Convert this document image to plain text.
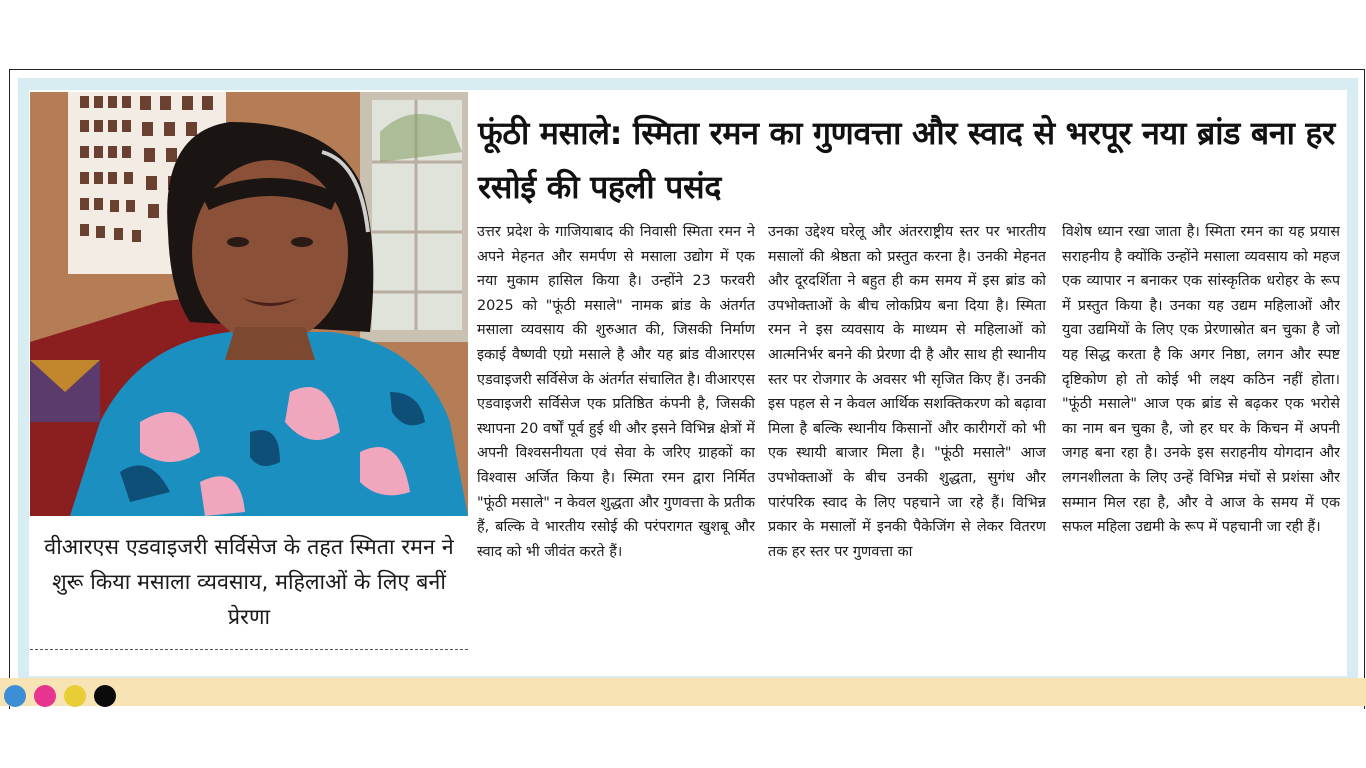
वीआरएस एडवाइजरी सर्विसेज के तहत स्मिता रमन ने शुरू किया मसाला व्यवसाय, महिलाओं के लिए बनीं प्रेरणा
फूंठी मसाले: स्मिता रमन का गुणवत्ता और स्वाद से भरपूर नया ब्रांड बना हर रसोई की पहली पसंद
उत्तर प्रदेश के गाजियाबाद की निवासी स्मिता रमन ने अपने मेहनत और समर्पण से मसाला उद्योग में एक नया मुकाम हासिल किया है। उन्होंने 23 फरवरी 2025 को "फूंठी मसाले" नामक ब्रांड के अंतर्गत मसाला व्यवसाय की शुरुआत की, जिसकी निर्माण इकाई वैष्णवी एग्रो मसाले है और यह ब्रांड वीआरएस एडवाइजरी सर्विसेज के अंतर्गत संचालित है। वीआरएस एडवाइजरी सर्विसेज एक प्रतिष्ठित कंपनी है, जिसकी स्थापना 20 वर्षों पूर्व हुई थी और इसने विभिन्न क्षेत्रों में अपनी विश्वसनीयता एवं सेवा के जरिए ग्राहकों का विश्वास अर्जित किया है। स्मिता रमन द्वारा निर्मित "फूंठी मसाले" न केवल शुद्धता और गुणवत्ता के प्रतीक हैं, बल्कि वे भारतीय रसोई की परंपरागत खुशबू और स्वाद को भी जीवंत करते हैं।
उनका उद्देश्य घरेलू और अंतरराष्ट्रीय स्तर पर भारतीय मसालों की श्रेष्ठता को प्रस्तुत करना है। उनकी मेहनत और दूरदर्शिता ने बहुत ही कम समय में इस ब्रांड को उपभोक्ताओं के बीच लोकप्रिय बना दिया है। स्मिता रमन ने इस व्यवसाय के माध्यम से महिलाओं को आत्मनिर्भर बनने की प्रेरणा दी है और साथ ही स्थानीय स्तर पर रोजगार के अवसर भी सृजित किए हैं। उनकी इस पहल से न केवल आर्थिक सशक्तिकरण को बढ़ावा मिला है बल्कि स्थानीय किसानों और कारीगरों को भी एक स्थायी बाजार मिला है। "फूंठी मसाले" आज उपभोक्ताओं के बीच उनकी शुद्धता, सुगंध और पारंपरिक स्वाद के लिए पहचाने जा रहे हैं। विभिन्न प्रकार के मसालों में इनकी पैकेजिंग से लेकर वितरण तक हर स्तर पर गुणवत्ता का
विशेष ध्यान रखा जाता है। स्मिता रमन का यह प्रयास सराहनीय है क्योंकि उन्होंने मसाला व्यवसाय को महज एक व्यापार न बनाकर एक सांस्कृतिक धरोहर के रूप में प्रस्तुत किया है। उनका यह उद्यम महिलाओं और युवा उद्यमियों के लिए एक प्रेरणास्रोत बन चुका है जो यह सिद्ध करता है कि अगर निष्ठा, लगन और स्पष्ट दृष्टिकोण हो तो कोई भी लक्ष्य कठिन नहीं होता। "फूंठी मसाले" आज एक ब्रांड से बढ़कर एक भरोसे का नाम बन चुका है, जो हर घर के किचन में अपनी जगह बना रहा है। उनके इस सराहनीय योगदान और लगनशीलता के लिए उन्हें विभिन्न मंचों से प्रशंसा और सम्मान मिल रहा है, और वे आज के समय में एक सफल महिला उद्यमी के रूप में पहचानी जा रही हैं।
